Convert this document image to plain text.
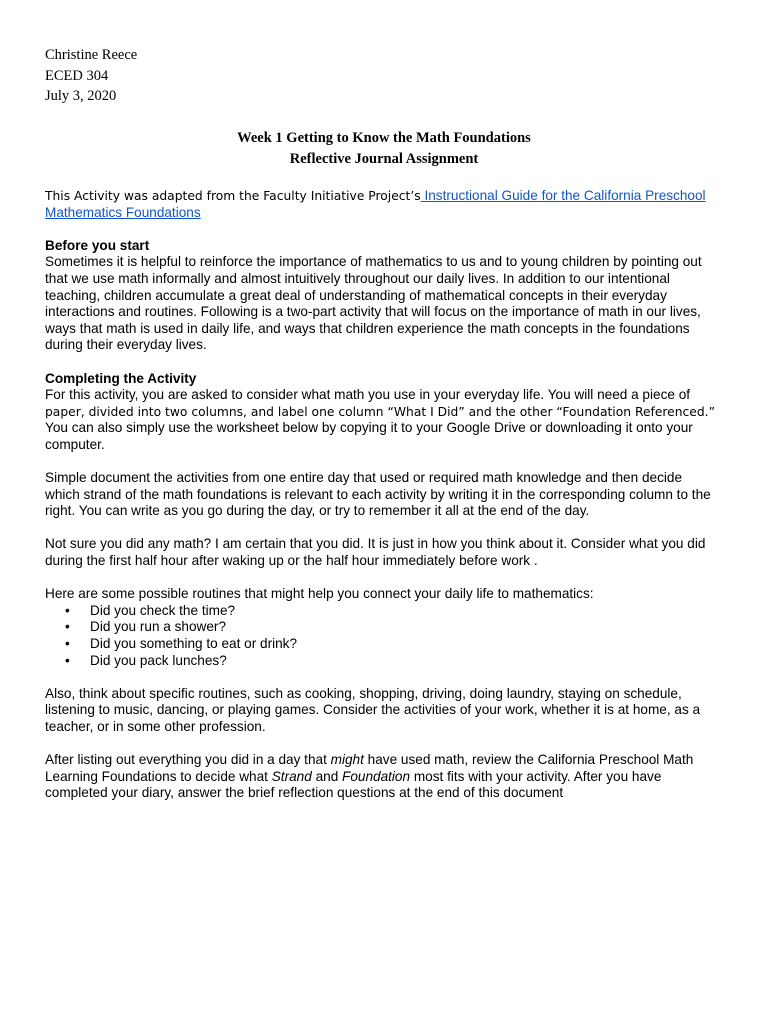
Christine Reece
ECED 304
July 3, 2020
Week 1 Getting to Know the Math Foundations
Reflective Journal Assignment

This Activity was adapted from the Faculty Initiative Project’s Instructional Guide for the California Preschool
Mathematics Foundations

Before you start

Sometimes it is helpful to reinforce the importance of mathematics to us and to young children by pointing out
that we use math informally and almost intuitively throughout our daily lives. In addition to our intentional
teaching, children accumulate a great deal of understanding of mathematical concepts in their everyday
interactions and routines. Following is a two-part activity that will focus on the importance of math in our lives,
ways that math is used in daily life, and ways that children experience the math concepts in the foundations
during their everyday lives.

Completing the Activity

For this activity, you are asked to consider what math you use in your everyday life. You will need a piece of
paper, divided into two columns, and label one column “What I Did” and the other “Foundation Referenced.”
You can also simply use the worksheet below by copying it to your Google Drive or downloading it onto your
computer.

Simple document the activities from one entire day that used or required math knowledge and then decide
which strand of the math foundations is relevant to each activity by writing it in the corresponding column to the
right. You can write as you go during the day, or try to remember it all at the end of the day.

Not sure you did any math? I am certain that you did. It is just in how you think about it. Consider what you did
during the first half hour after waking up or the half hour immediately before work .

Here are some possible routines that might help you connect your daily life to mathematics:

• Did you check the time?
• Did you run a shower?
• Did you something to eat or drink?
• Did you pack lunches?

Also, think about specific routines, such as cooking, shopping, driving, doing laundry, staying on schedule,
listening to music, dancing, or playing games. Consider the activities of your work, whether it is at home, as a
teacher, or in some other profession.

After listing out everything you did in a day that might have used math, review the California Preschool Math
Learning Foundations to decide what Strand and Foundation most fits with your activity. After you have
completed your diary, answer the brief reflection questions at the end of this document
